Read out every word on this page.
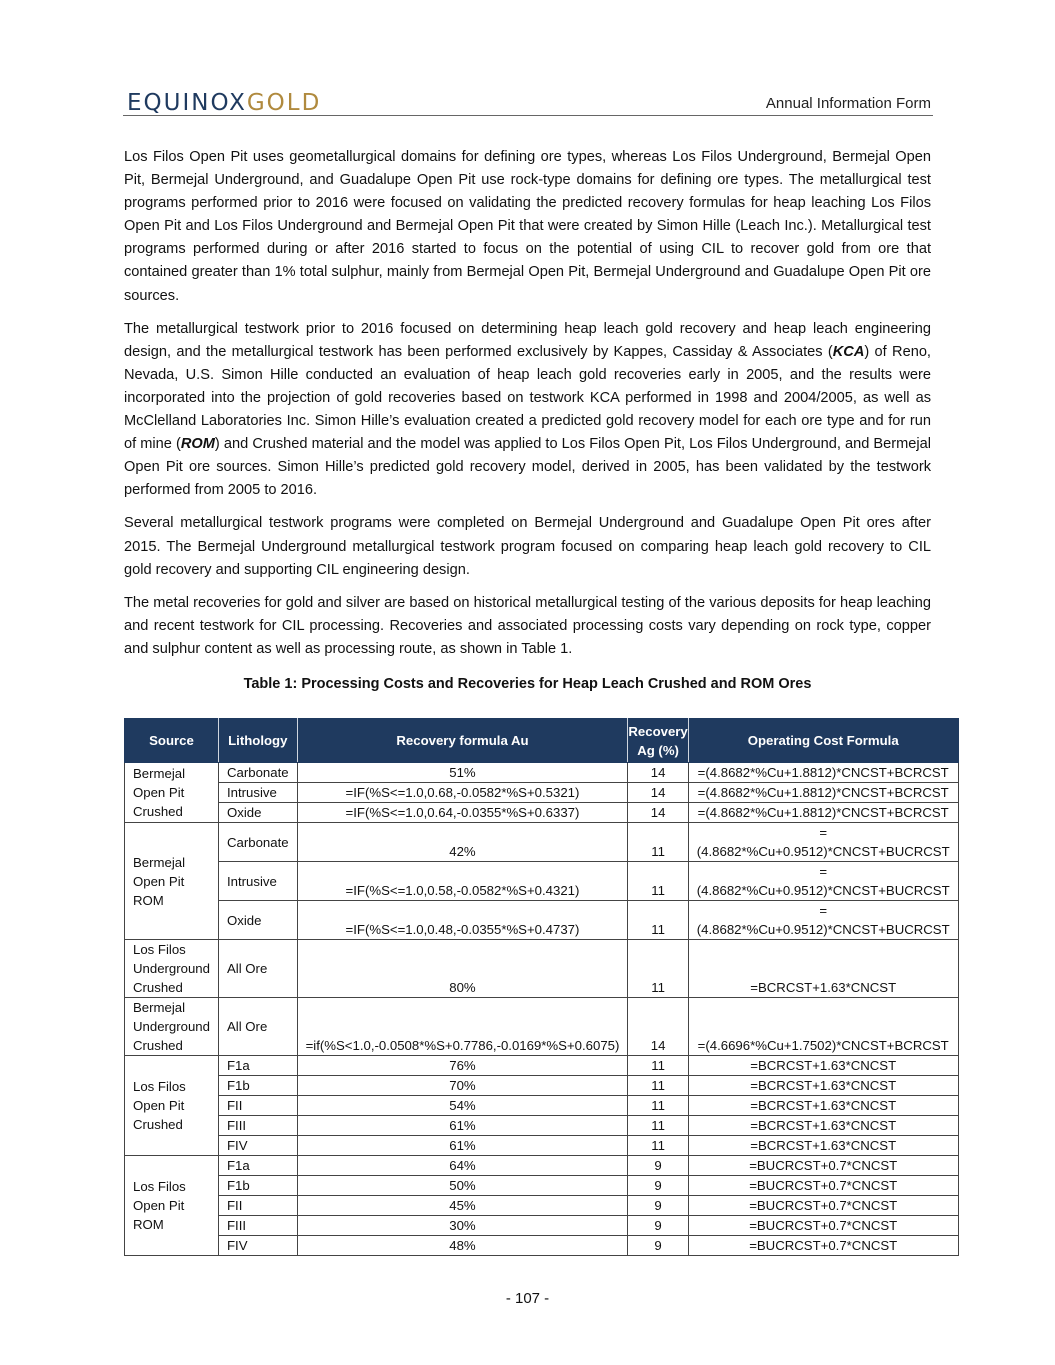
EQUINOXGOLD	Annual Information Form

Los Filos Open Pit uses geometallurgical domains for defining ore types, whereas Los Filos Underground, Bermejal Open Pit, Bermejal Underground, and Guadalupe Open Pit use rock-type domains for defining ore types. The metallurgical test programs performed prior to 2016 were focused on validating the predicted recovery formulas for heap leaching Los Filos Open Pit and Los Filos Underground and Bermejal Open Pit that were created by Simon Hille (Leach Inc.). Metallurgical test programs performed during or after 2016 started to focus on the potential of using CIL to recover gold from ore that contained greater than 1% total sulphur, mainly from Bermejal Open Pit, Bermejal Underground and Guadalupe Open Pit ore sources.

The metallurgical testwork prior to 2016 focused on determining heap leach gold recovery and heap leach engineering design, and the metallurgical testwork has been performed exclusively by Kappes, Cassiday & Associates (KCA) of Reno, Nevada, U.S. Simon Hille conducted an evaluation of heap leach gold recoveries early in 2005, and the results were incorporated into the projection of gold recoveries based on testwork KCA performed in 1998 and 2004/2005, as well as McClelland Laboratories Inc. Simon Hille’s evaluation created a predicted gold recovery model for each ore type and for run of mine (ROM) and Crushed material and the model was applied to Los Filos Open Pit, Los Filos Underground, and Bermejal Open Pit ore sources. Simon Hille’s predicted gold recovery model, derived in 2005, has been validated by the testwork performed from 2005 to 2016.

Several metallurgical testwork programs were completed on Bermejal Underground and Guadalupe Open Pit ores after 2015. The Bermejal Underground metallurgical testwork program focused on comparing heap leach gold recovery to CIL gold recovery and supporting CIL engineering design.

The metal recoveries for gold and silver are based on historical metallurgical testing of the various deposits for heap leaching and recent testwork for CIL processing. Recoveries and associated processing costs vary depending on rock type, copper and sulphur content as well as processing route, as shown in Table 1.

Table 1: Processing Costs and Recoveries for Heap Leach Crushed and ROM Ores
Source	Lithology	Recovery formula Au	Recovery Ag (%)	Operating Cost Formula
Bermejal Open Pit Crushed	Carbonate	51%	14	=(4.8682*%Cu+1.8812)*CNCST+BCRCST
	Intrusive	=IF(%S<=1.0,0.68,-0.0582*%S+0.5321)	14	=(4.8682*%Cu+1.8812)*CNCST+BCRCST
	Oxide	=IF(%S<=1.0,0.64,-0.0355*%S+0.6337)	14	=(4.8682*%Cu+1.8812)*CNCST+BCRCST
Bermejal Open Pit ROM	Carbonate	42%	11	=(4.8682*%Cu+0.9512)*CNCST+BUCRCST
	Intrusive	=IF(%S<=1.0,0.58,-0.0582*%S+0.4321)	11	=(4.8682*%Cu+0.9512)*CNCST+BUCRCST
	Oxide	=IF(%S<=1.0,0.48,-0.0355*%S+0.4737)	11	=(4.8682*%Cu+0.9512)*CNCST+BUCRCST
Los Filos Underground Crushed	All Ore	80%	11	=BCRCST+1.63*CNCST
Bermejal Underground Crushed	All Ore	=if(%S<1.0,-0.0508*%S+0.7786,-0.0169*%S+0.6075)	14	=(4.6696*%Cu+1.7502)*CNCST+BCRCST
Los Filos Open Pit Crushed	F1a	76%	11	=BCRCST+1.63*CNCST
	F1b	70%	11	=BCRCST+1.63*CNCST
	FII	54%	11	=BCRCST+1.63*CNCST
	FIII	61%	11	=BCRCST+1.63*CNCST
	FIV	61%	11	=BCRCST+1.63*CNCST
Los Filos Open Pit ROM	F1a	64%	9	=BUCRCST+0.7*CNCST
	F1b	50%	9	=BUCRCST+0.7*CNCST
	FII	45%	9	=BUCRCST+0.7*CNCST
	FIII	30%	9	=BUCRCST+0.7*CNCST
	FIV	48%	9	=BUCRCST+0.7*CNCST
- 107 -
